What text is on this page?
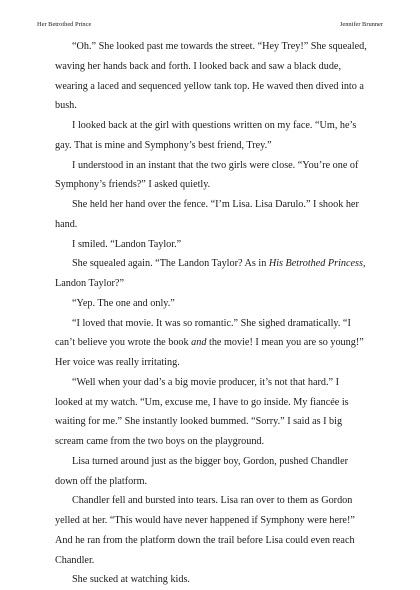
Her Betrothed Prince	Jennifer Brunner

“Oh.” She looked past me towards the street. “Hey Trey!” She squealed, waving her hands back and forth. I looked back and saw a black dude, wearing a laced and sequenced yellow tank top. He waved then dived into a bush.

I looked back at the girl with questions written on my face. “Um, he’s gay. That is mine and Symphony’s best friend, Trey.”

I understood in an instant that the two girls were close. “You’re one of Symphony’s friends?” I asked quietly.

She held her hand over the fence. “I’m Lisa. Lisa Darulo.” I shook her hand.

I smiled. “Landon Taylor.”

She squealed again. “The Landon Taylor? As in His Betrothed Princess, Landon Taylor?”

“Yep. The one and only.”

“I loved that movie. It was so romantic.” She sighed dramatically. “I can’t believe you wrote the book and the movie! I mean you are so young!” Her voice was really irritating.

“Well when your dad’s a big movie producer, it’s not that hard.” I looked at my watch. “Um, excuse me, I have to go inside. My fiancée is waiting for me.” She instantly looked bummed. “Sorry.” I said as I big scream came from the two boys on the playground.

Lisa turned around just as the bigger boy, Gordon, pushed Chandler down off the platform.

Chandler fell and bursted into tears. Lisa ran over to them as Gordon yelled at her. “This would have never happened if Symphony were here!” And he ran from the platform down the trail before Lisa could even reach Chandler.

She sucked at watching kids.
